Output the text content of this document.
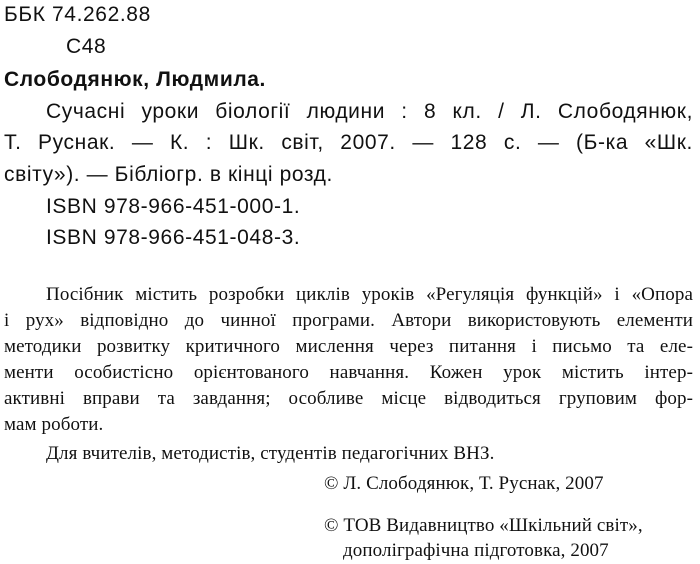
ББК 74.262.88
С48
Слободянюк, Людмила.
Сучасні уроки біології людини : 8 кл. / Л. Слободянюк,
Т. Руснак. — К. : Шк. світ, 2007. — 128 с. — (Б-ка «Шк.
світу»). — Бібліогр. в кінці розд.
ISBN 978-966-451-000-1.
ISBN 978-966-451-048-3.
Посібник містить розробки циклів уроків «Регуляція функцій» і «Опора
і рух» відповідно до чинної програми. Автори використовують елементи
методики розвитку критичного мислення через питання і письмо та еле-
менти особистісно орієнтованого навчання. Кожен урок містить інтер-
активні вправи та завдання; особливе місце відводиться груповим фор-
мам роботи.
Для вчителів, методистів, студентів педагогічних ВНЗ.
© Л. Слободянюк, Т. Руснак, 2007
© ТОВ Видавництво «Шкільний світ»,
дополіграфічна підготовка, 2007
